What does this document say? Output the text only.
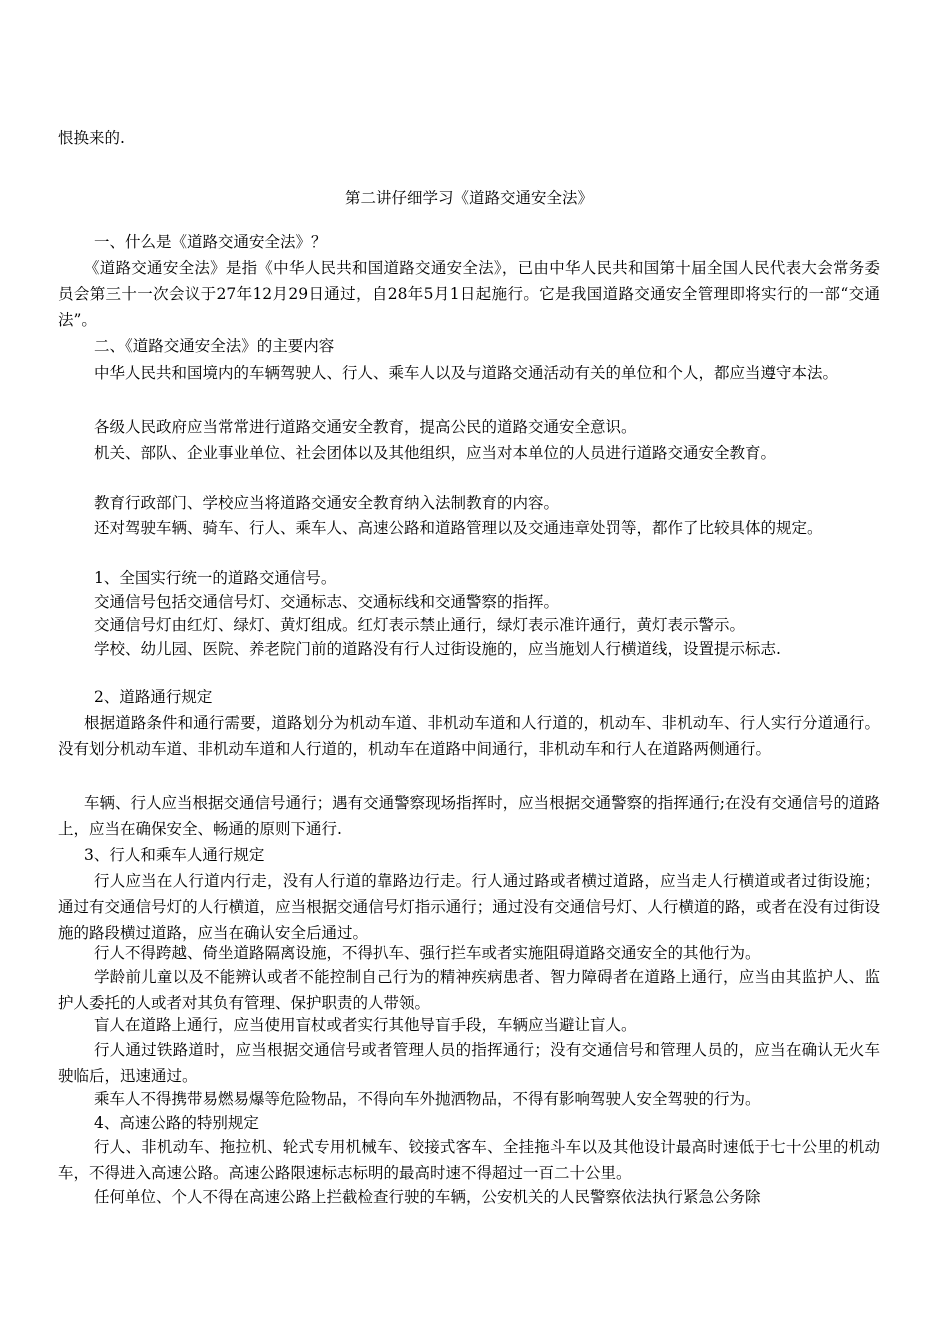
恨换来的.

第二讲仔细学习《道路交通安全法》

一、什么是《道路交通安全法》？

《道路交通安全法》是指《中华人民共和国道路交通安全法》，已由中华人民共和国第十届全国人民代表大会常务委员会第三十一次会议于27年12月29日通过，自28年5月1日起施行。它是我国道路交通安全管理即将实行的一部“交通法”。

二、《道路交通安全法》的主要内容

中华人民共和国境内的车辆驾驶人、行人、乘车人以及与道路交通活动有关的单位和个人，都应当遵守本法。

各级人民政府应当常常进行道路交通安全教育，提高公民的道路交通安全意识。

机关、部队、企业事业单位、社会团体以及其他组织，应当对本单位的人员进行道路交通安全教育。

教育行政部门、学校应当将道路交通安全教育纳入法制教育的内容。

还对驾驶车辆、骑车、行人、乘车人、高速公路和道路管理以及交通违章处罚等，都作了比较具体的规定。

1、全国实行统一的道路交通信号。

交通信号包括交通信号灯、交通标志、交通标线和交通警察的指挥。

交通信号灯由红灯、绿灯、黄灯组成。红灯表示禁止通行，绿灯表示准许通行，黄灯表示警示。

学校、幼儿园、医院、养老院门前的道路没有行人过街设施的，应当施划人行横道线，设置提示标志.

2、道路通行规定

根据道路条件和通行需要，道路划分为机动车道、非机动车道和人行道的，机动车、非机动车、行人实行分道通行。没有划分机动车道、非机动车道和人行道的，机动车在道路中间通行，非机动车和行人在道路两侧通行。

车辆、行人应当根据交通信号通行；遇有交通警察现场指挥时，应当根据交通警察的指挥通行;在没有交通信号的道路上，应当在确保安全、畅通的原则下通行.

3、行人和乘车人通行规定

行人应当在人行道内行走，没有人行道的靠路边行走。行人通过路或者横过道路，应当走人行横道或者过街设施；通过有交通信号灯的人行横道，应当根据交通信号灯指示通行；通过没有交通信号灯、人行横道的路，或者在没有过街设施的路段横过道路，应当在确认安全后通过。

行人不得跨越、倚坐道路隔离设施，不得扒车、强行拦车或者实施阻碍道路交通安全的其他行为。

学龄前儿童以及不能辨认或者不能控制自己行为的精神疾病患者、智力障碍者在道路上通行，应当由其监护人、监护人委托的人或者对其负有管理、保护职责的人带领。

盲人在道路上通行，应当使用盲杖或者实行其他导盲手段，车辆应当避让盲人。

行人通过铁路道时，应当根据交通信号或者管理人员的指挥通行；没有交通信号和管理人员的，应当在确认无火车驶临后，迅速通过。

乘车人不得携带易燃易爆等危险物品，不得向车外抛洒物品，不得有影响驾驶人安全驾驶的行为。

4、高速公路的特别规定

行人、非机动车、拖拉机、轮式专用机械车、铰接式客车、全挂拖斗车以及其他设计最高时速低于七十公里的机动车，不得进入高速公路。高速公路限速标志标明的最高时速不得超过一百二十公里。

任何单位、个人不得在高速公路上拦截检查行驶的车辆，公安机关的人民警察依法执行紧急公务除
